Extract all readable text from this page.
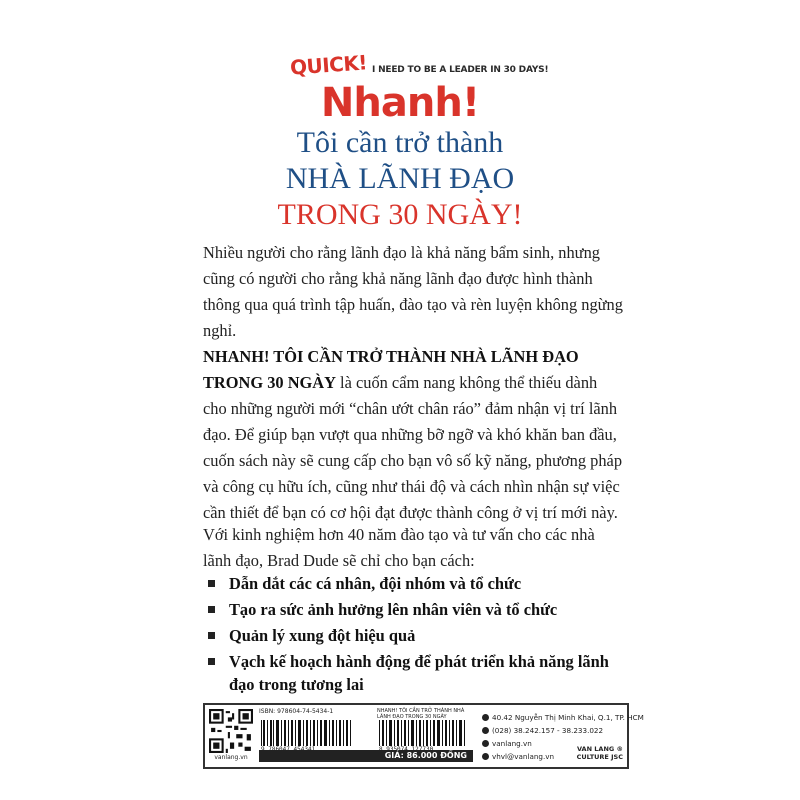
QUICK! I NEED TO BE A LEADER IN 30 DAYS!
Nhanh!
Tôi cần trở thành
NHÀ LÃNH ĐẠO
TRONG 30 NGÀY!
Nhiều người cho rằng lãnh đạo là khả năng bẩm sinh, nhưng cũng có người cho rằng khả năng lãnh đạo được hình thành thông qua quá trình tập huấn, đào tạo và rèn luyện không ngừng nghỉ.
NHANH! TÔI CẦN TRỞ THÀNH NHÀ LÃNH ĐẠO TRONG 30 NGÀY là cuốn cẩm nang không thể thiếu dành cho những người mới “chân ướt chân ráo” đảm nhận vị trí lãnh đạo. Để giúp bạn vượt qua những bỡ ngỡ và khó khăn ban đầu, cuốn sách này sẽ cung cấp cho bạn vô số kỹ năng, phương pháp và công cụ hữu ích, cũng như thái độ và cách nhìn nhận sự việc cần thiết để bạn có cơ hội đạt được thành công ở vị trí mới này.
Với kinh nghiệm hơn 40 năm đào tạo và tư vấn cho các nhà lãnh đạo, Brad Dude sẽ chỉ cho bạn cách:
Dẫn dắt các cá nhân, đội nhóm và tổ chức
Tạo ra sức ảnh hưởng lên nhân viên và tổ chức
Quản lý xung đột hiệu quả
Vạch kế hoạch hành động để phát triển khả năng lãnh đạo trong tương lai
vanlang.vn
ISBN: 978604-74-5434-1	NHANH! TÔI CẦN TRỞ THÀNH NHÀ LÃNH ĐẠO TRONG 30 NGÀY
GIÁ: 86.000 ĐỒNG
40.42 Nguyễn Thị Minh Khai, Q.1, TP. HCM
(028) 38.242.157 - 38.233.022
vanlang.vn
vhvl@vanlang.vn
VAN LANG ®
CULTURE JSC
